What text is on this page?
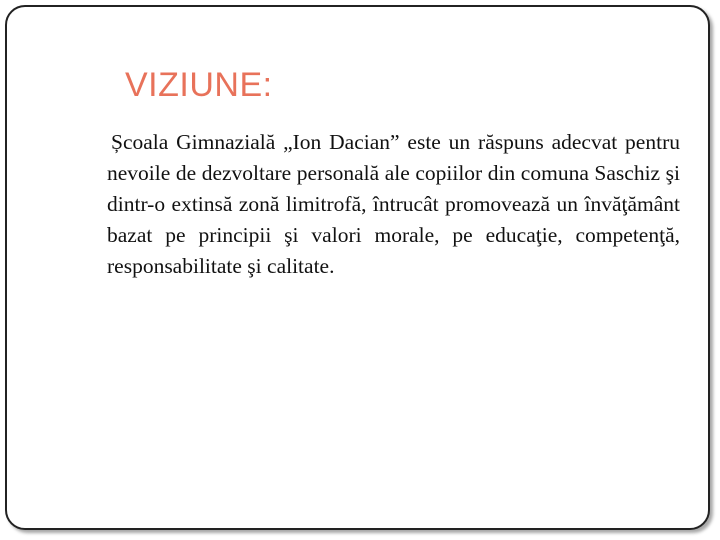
VIZIUNE:

Școala Gimnazială „Ion Dacian” este un răspuns adecvat pentru nevoile de dezvoltare personală ale copiilor din comuna Saschiz şi dintr-o extinsă zonă limitrofă, întrucât promovează un învăţământ bazat pe principii şi valori morale, pe educaţie, competenţă, responsabilitate şi calitate.
